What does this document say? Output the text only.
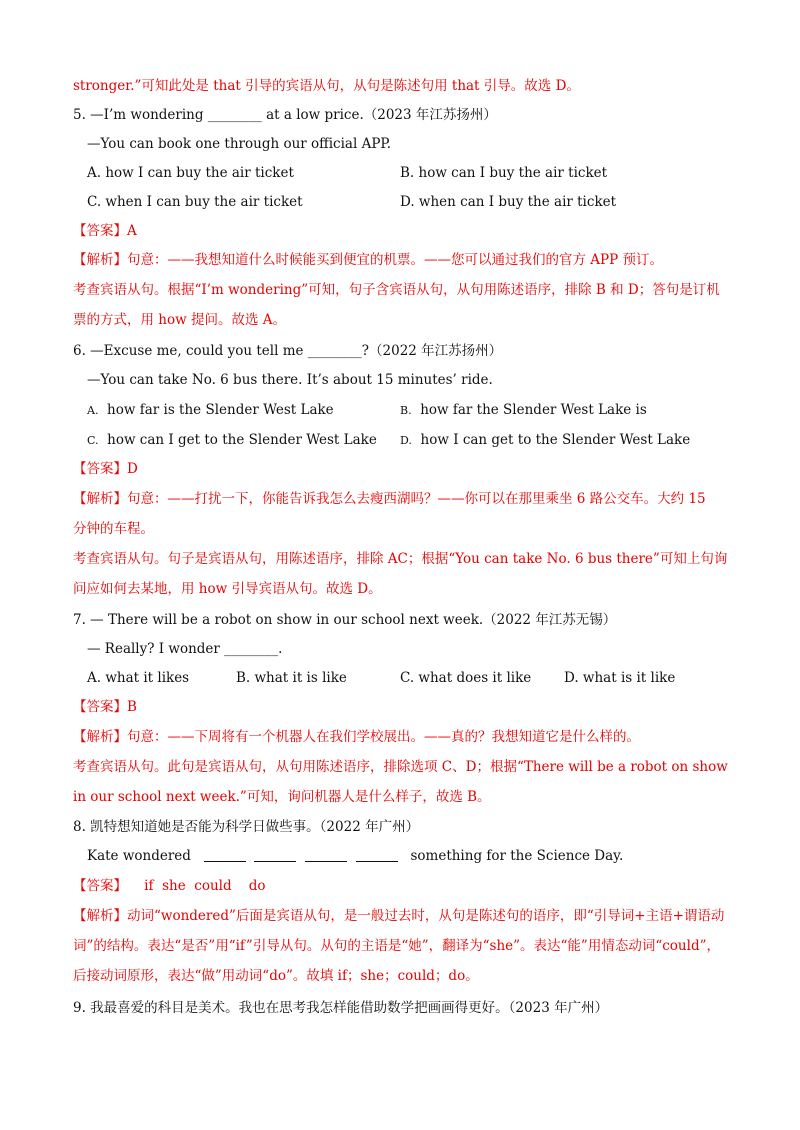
stronger.”可知此处是 that 引导的宾语从句，从句是陈述句用 that 引导。故选 D。
5. —I’m wondering ________ at a low price.（2023 年江苏扬州）
—You can book one through our official APP.
A. how I can buy the air ticket	B. how can I buy the air ticket
C. when I can buy the air ticket	D. when can I buy the air ticket
【答案】A
【解析】句意：——我想知道什么时候能买到便宜的机票。——您可以通过我们的官方 APP 预订。
考查宾语从句。根据“I’m wondering”可知，句子含宾语从句，从句用陈述语序，排除 B 和 D；答句是订机
票的方式，用 how 提问。故选 A。
6. —Excuse me, could you tell me ________?（2022 年江苏扬州）
—You can take No. 6 bus there. It’s about 15 minutes’ ride.
A. how far is the Slender West Lake	B. how far the Slender West Lake is
C. how can I get to the Slender West Lake D. how I can get to the Slender West Lake
【答案】D
【解析】句意：——打扰一下，你能告诉我怎么去瘦西湖吗？——你可以在那里乘坐 6 路公交车。大约 15
分钟的车程。
考查宾语从句。句子是宾语从句，用陈述语序，排除 AC；根据“You can take No. 6 bus there”可知上句询
问应如何去某地，用 how 引导宾语从句。故选 D。
7. — There will be a robot on show in our school next week.（2022 年江苏无锡）
— Really? I wonder ________.
A. what it likes	B. what it is like	C. what does it like D. what is it like
【答案】B
【解析】句意：——下周将有一个机器人在我们学校展出。——真的？我想知道它是什么样的。
考查宾语从句。此句是宾语从句，从句用陈述语序，排除选项 C、D；根据“There will be a robot on show
in our school next week.”可知，询问机器人是什么样子，故选 B。
8. 凯特想知道她是否能为科学日做些事。（2022 年广州）
Kate wondered	something for the Science Day.
【答案】 if  she  could    do
【解析】动词“wondered”后面是宾语从句，是一般过去时，从句是陈述句的语序，即“引导词+主语+谓语动
词”的结构。表达“是否”用“if”引导从句。从句的主语是“她”，翻译为“she”。表达“能”用情态动词“could”，
后接动词原形，表达“做”用动词“do”。故填 if；she；could；do。
9. 我最喜爱的科目是美术。我也在思考我怎样能借助数学把画画得更好。（2023 年广州）
